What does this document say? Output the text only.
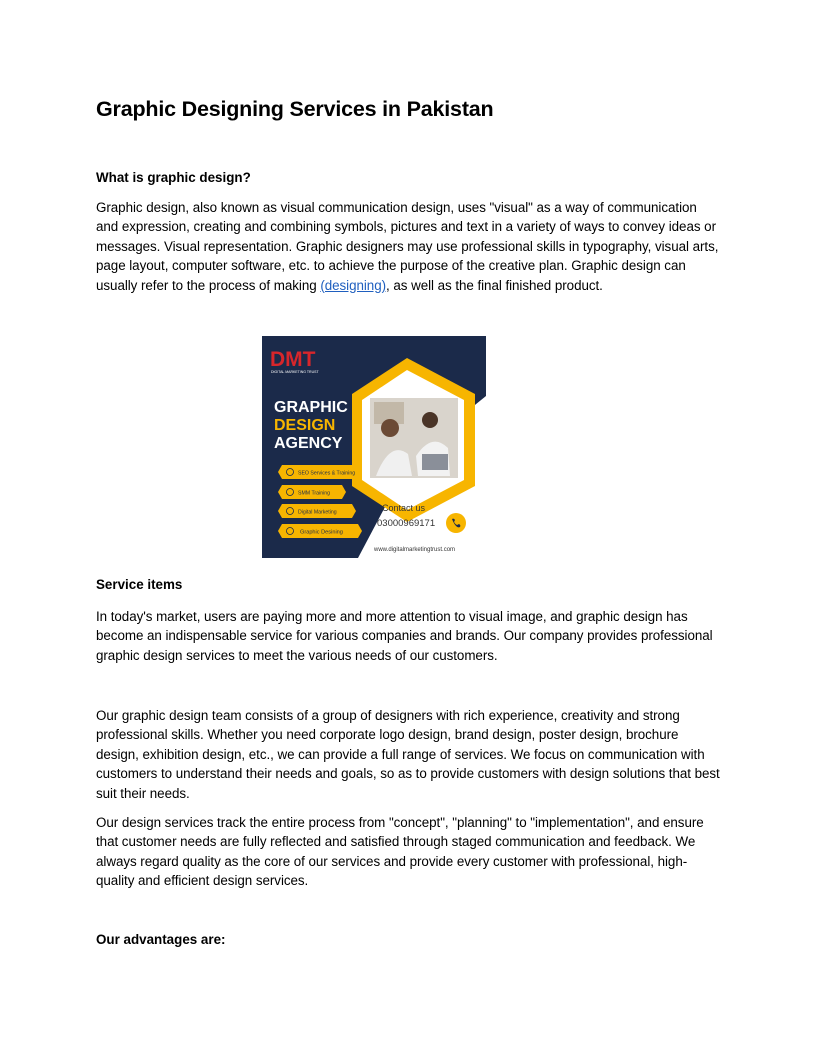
Graphic Designing Services in Pakistan
What is graphic design?

Graphic design, also known as visual communication design, uses "visual" as a way of communication and expression, creating and combining symbols, pictures and text in a variety of ways to convey ideas or messages. Visual representation. Graphic designers may use professional skills in typography, visual arts, page layout, computer software, etc. to achieve the purpose of the creative plan. Graphic design can usually refer to the process of making (designing), as well as the final finished product.

Service items

In today's market, users are paying more and more attention to visual image, and graphic design has become an indispensable service for various companies and brands. Our company provides professional graphic design services to meet the various needs of our customers.

Our graphic design team consists of a group of designers with rich experience, creativity and strong professional skills. Whether you need corporate logo design, brand design, poster design, brochure design, exhibition design, etc., we can provide a full range of services. We focus on communication with customers to understand their needs and goals, so as to provide customers with design solutions that best suit their needs.

Our design services track the entire process from "concept", "planning" to "implementation", and ensure that customer needs are fully reflected and satisfied through staged communication and feedback. We always regard quality as the core of our services and provide every customer with professional, high-quality and efficient design services.

Our advantages are:
DMT
DIGITAL MARKETING TRUST
GRAPHIC
DESIGN
AGENCY
SEO Services & Training
SMM Training
Digital Marketing
Graphic Desining
Contact us
03000969171
www.digitalmarketingtrust.com
